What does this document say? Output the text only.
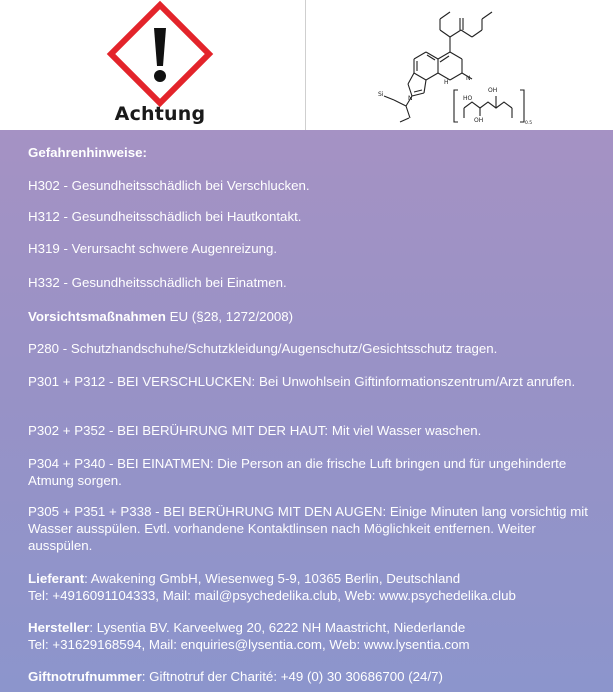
Achtung
HO
OH
OH
H
N
N
Si
0.5
Gefahrenhinweise:
H302 - Gesundheitsschädlich bei Verschlucken.
H312 - Gesundheitsschädlich bei Hautkontakt.
H319 - Verursacht schwere Augenreizung.
H332 - Gesundheitsschädlich bei Einatmen.
Vorsichtsmaßnahmen EU (§28, 1272/2008)
P280 - Schutzhandschuhe/Schutzkleidung/Augenschutz/Gesichtsschutz tragen.
P301 + P312 - BEI VERSCHLUCKEN: Bei Unwohlsein Giftinformationszentrum/Arzt anrufen.
P302 + P352 - BEI BERÜHRUNG MIT DER HAUT: Mit viel Wasser waschen.
P304 + P340 - BEI EINATMEN: Die Person an die frische Luft bringen und für ungehinderte Atmung sorgen.
P305 + P351 + P338 - BEI BERÜHRUNG MIT DEN AUGEN: Einige Minuten lang vorsichtig mit Wasser ausspülen. Evtl. vorhandene Kontaktlinsen nach Möglichkeit entfernen. Weiter ausspülen.
Lieferant: Awakening GmbH, Wiesenweg 5-9, 10365 Berlin, Deutschland
Tel: +4916091104333, Mail: mail@psychedelika.club, Web: www.psychedelika.club
Hersteller: Lysentia BV. Karveelweg 20, 6222 NH Maastricht, Niederlande
Tel: +31629168594, Mail: enquiries@lysentia.com, Web: www.lysentia.com
Giftnotrufnummer: Giftnotruf der Charité: +49 (0) 30 30686700 (24/7)
